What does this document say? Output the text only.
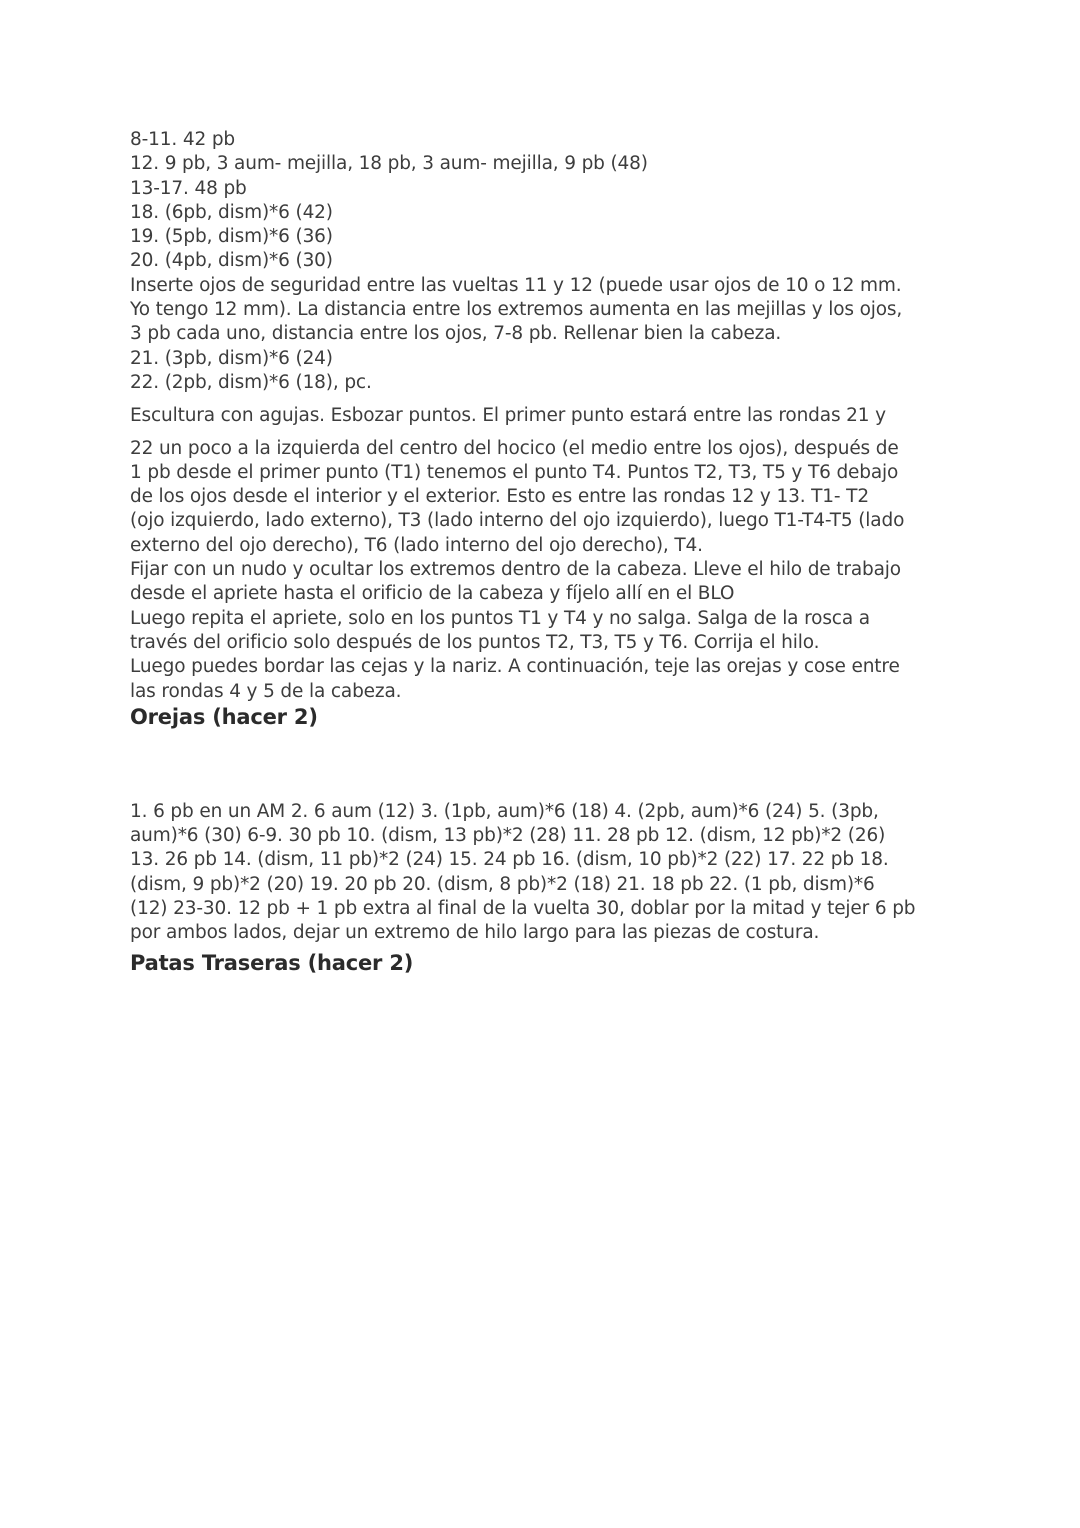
8-11. 42 pb

12. 9 pb, 3 aum- mejilla, 18 pb, 3 aum- mejilla, 9 pb (48)

13-17. 48 pb

18. (6pb, dism)*6 (42)

19. (5pb, dism)*6 (36)

20. (4pb, dism)*6 (30)

Inserte ojos de seguridad entre las vueltas 11 y 12 (puede usar ojos de 10 o 12 mm.

Yo tengo 12 mm). La distancia entre los extremos aumenta en las mejillas y los ojos,

3 pb cada uno, distancia entre los ojos, 7-8 pb. Rellenar bien la cabeza.

21. (3pb, dism)*6 (24)

22. (2pb, dism)*6 (18), pc.

Escultura con agujas. Esbozar puntos. El primer punto estará entre las rondas 21 y

22 un poco a la izquierda del centro del hocico (el medio entre los ojos), después de

1 pb desde el primer punto (T1) tenemos el punto T4. Puntos T2, T3, T5 y T6 debajo

de los ojos desde el interior y el exterior. Esto es entre las rondas 12 y 13. T1- T2

(ojo izquierdo, lado externo), T3 (lado interno del ojo izquierdo), luego T1-T4-T5 (lado

externo del ojo derecho), T6 (lado interno del ojo derecho), T4.

Fijar con un nudo y ocultar los extremos dentro de la cabeza. Lleve el hilo de trabajo

desde el apriete hasta el orificio de la cabeza y fíjelo allí en el BLO

Luego repita el apriete, solo en los puntos T1 y T4 y no salga. Salga de la rosca a

través del orificio solo después de los puntos T2, T3, T5 y T6. Corrija el hilo.

Luego puedes bordar las cejas y la nariz. A continuación, teje las orejas y cose entre

las rondas 4 y 5 de la cabeza.

Orejas (hacer 2)

1. 6 pb en un AM 2. 6 aum (12) 3. (1pb, aum)*6 (18) 4. (2pb, aum)*6 (24) 5. (3pb,

aum)*6 (30) 6-9. 30 pb 10. (dism, 13 pb)*2 (28) 11. 28 pb 12. (dism, 12 pb)*2 (26)

13. 26 pb 14. (dism, 11 pb)*2 (24) 15. 24 pb 16. (dism, 10 pb)*2 (22) 17. 22 pb 18.

(dism, 9 pb)*2 (20) 19. 20 pb 20. (dism, 8 pb)*2 (18) 21. 18 pb 22. (1 pb, dism)*6

(12) 23-30. 12 pb + 1 pb extra al final de la vuelta 30, doblar por la mitad y tejer 6 pb

por ambos lados, dejar un extremo de hilo largo para las piezas de costura.

Patas Traseras (hacer 2)
